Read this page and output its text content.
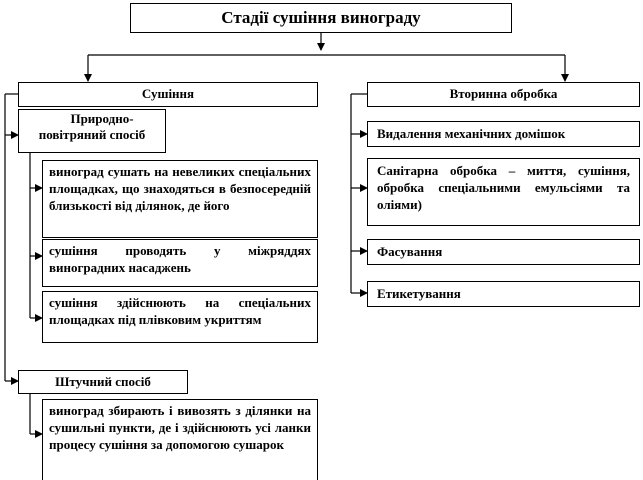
Стадії сушіння винограду
Сушіння
Природно-
повітряний спосіб
виноград сушать на невеликих спеціальних площадках, що знаходяться в безпосередній близькості від ділянок, де його
сушіння проводять у міжряддях виноградних насаджень
сушіння здійснюють на спеціальних площадках під плівковим укриттям
Штучний спосіб
виноград збирають і вивозять з ділянки на сушильні пункти, де і здійснюють усі ланки процесу сушіння за допомогою сушарок
Вторинна обробка
Видалення механічних домішок
Санітарна обробка – миття, сушіння, обробка спеціальними емульсіями та оліями)
Фасування
Етикетування
